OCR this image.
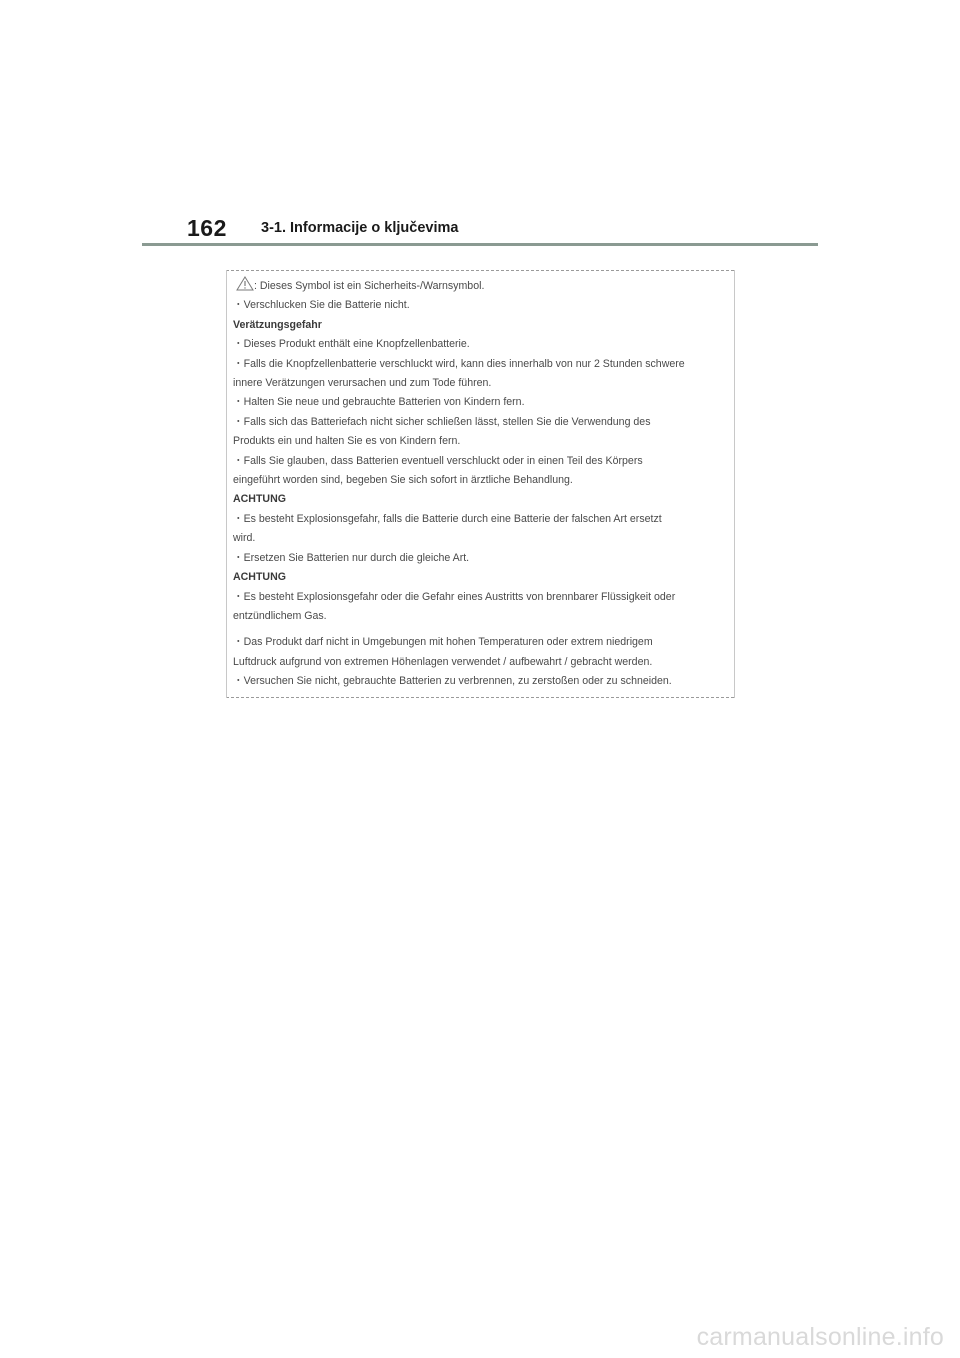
162 3-1. Informacije o ključevima
: Dieses Symbol ist ein Sicherheits-/Warnsymbol.
・Verschlucken Sie die Batterie nicht.
Verätzungsgefahr
・Dieses Produkt enthält eine Knopfzellenbatterie.
・Falls die Knopfzellenbatterie verschluckt wird, kann dies innerhalb von nur 2 Stunden schwere
innere Verätzungen verursachen und zum Tode führen.
・Halten Sie neue und gebrauchte Batterien von Kindern fern.
・Falls sich das Batteriefach nicht sicher schließen lässt, stellen Sie die Verwendung des
Produkts ein und halten Sie es von Kindern fern.
・Falls Sie glauben, dass Batterien eventuell verschluckt oder in einen Teil des Körpers
eingeführt worden sind, begeben Sie sich sofort in ärztliche Behandlung.
ACHTUNG
・Es besteht Explosionsgefahr, falls die Batterie durch eine Batterie der falschen Art ersetzt
wird.
・Ersetzen Sie Batterien nur durch die gleiche Art.
ACHTUNG
・Es besteht Explosionsgefahr oder die Gefahr eines Austritts von brennbarer Flüssigkeit oder
entzündlichem Gas.
・Das Produkt darf nicht in Umgebungen mit hohen Temperaturen oder extrem niedrigem
Luftdruck aufgrund von extremen Höhenlagen verwendet / aufbewahrt / gebracht werden.
・Versuchen Sie nicht, gebrauchte Batterien zu verbrennen, zu zerstoßen oder zu schneiden.
carmanualsonline.info
